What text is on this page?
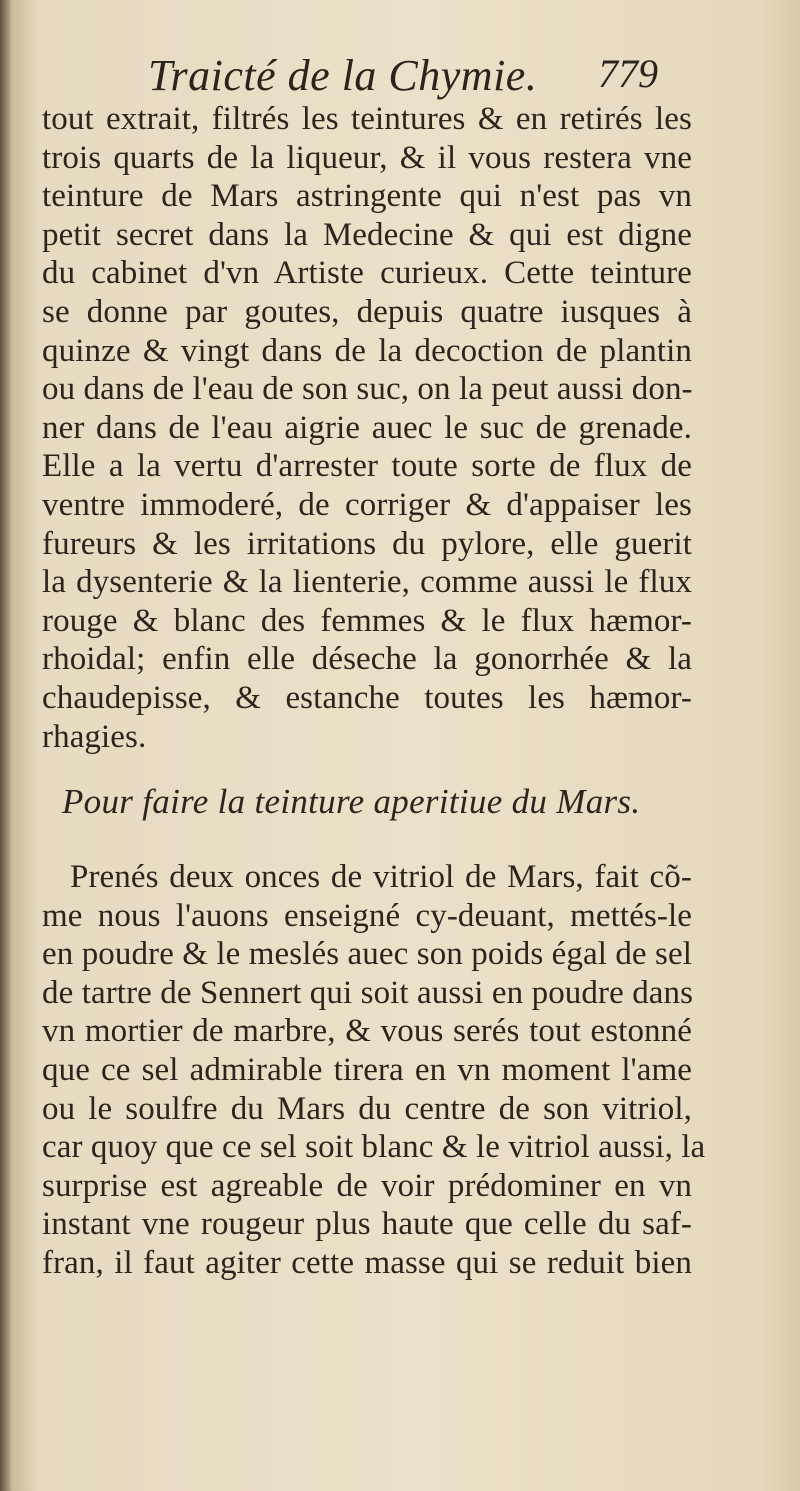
Traicté de la Chymie. 779
tout extrait, filtrés les teintures & en retirés les
trois quarts de la liqueur, & il vous restera vne
teinture de Mars astringente qui n'est pas vn
petit secret dans la Medecine & qui est digne
du cabinet d'vn Artiste curieux. Cette teinture
se donne par goutes, depuis quatre iusques à
quinze & vingt dans de la decoction de plantin
ou dans de l'eau de son suc, on la peut aussi don-
ner dans de l'eau aigrie auec le suc de grenade.
Elle a la vertu d'arrester toute sorte de flux de
ventre immoderé, de corriger & d'appaiser les
fureurs & les irritations du pylore, elle guerit
la dysenterie & la lienterie, comme aussi le flux
rouge & blanc des femmes & le flux hæmor-
rhoidal; enfin elle déseche la gonorrhée & la
chaudepisse, & estanche toutes les hæmor-
rhagies.
Pour faire la teinture aperitiue du Mars.
Prenés deux onces de vitriol de Mars, fait cõ-
me nous l'auons enseigné cy-deuant, mettés-le
en poudre & le meslés auec son poids égal de sel
de tartre de Sennert qui soit aussi en poudre dans
vn mortier de marbre, & vous serés tout estonné
que ce sel admirable tirera en vn moment l'ame
ou le soulfre du Mars du centre de son vitriol,
car quoy que ce sel soit blanc & le vitriol aussi, la
surprise est agreable de voir prédominer en vn
instant vne rougeur plus haute que celle du saf-
fran, il faut agiter cette masse qui se reduit bien
